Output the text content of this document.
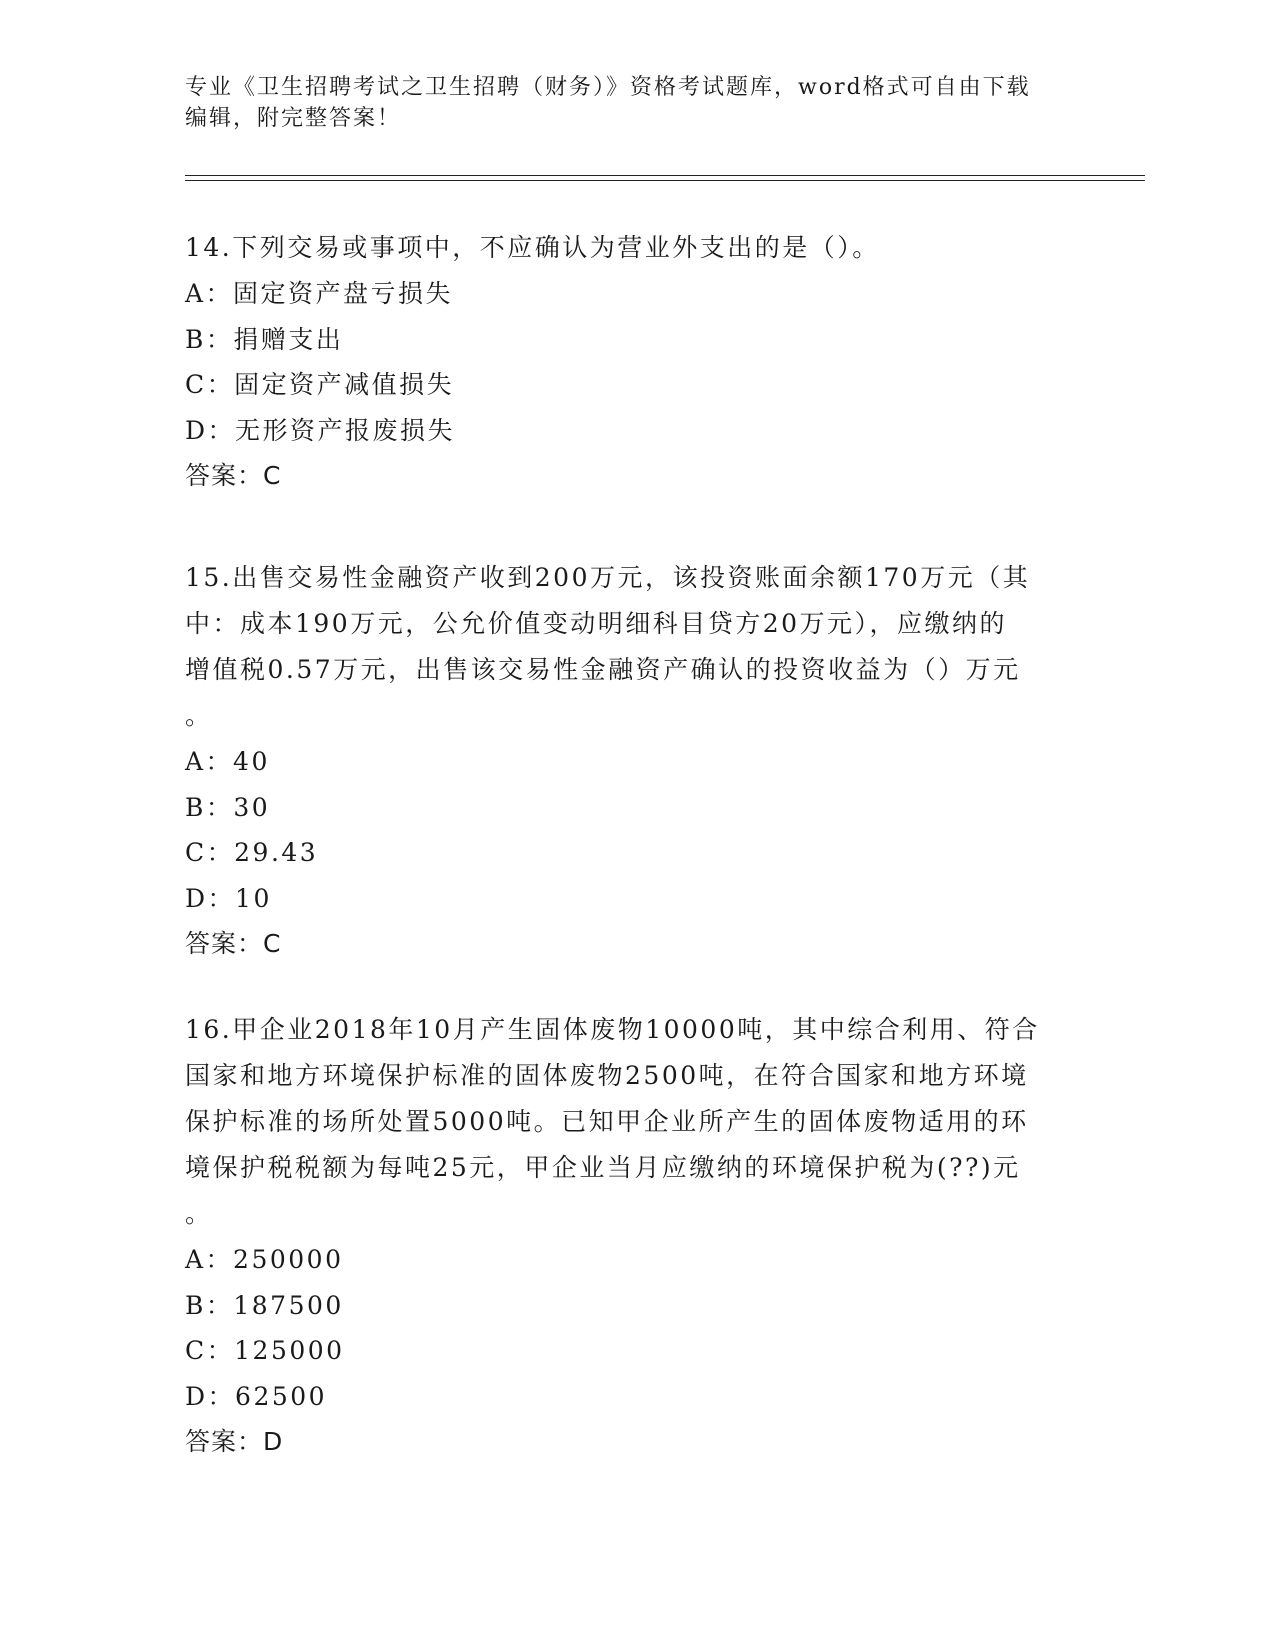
专业《卫生招聘考试之卫生招聘（财务）》资格考试题库，word格式可自由下载
编辑，附完整答案！

14.下列交易或事项中，不应确认为营业外支出的是（）。

A：固定资产盘亏损失

B：捐赠支出

C：固定资产减值损失

D：无形资产报废损失

答案：C

15.出售交易性金融资产收到200万元，该投资账面余额170万元（其

中：成本190万元，公允价值变动明细科目贷方20万元），应缴纳的

增值税0.57万元，出售该交易性金融资产确认的投资收益为（）万元

。

A：40

B：30

C：29.43

D：10

答案：C

16.甲企业2018年10月产生固体废物10000吨，其中综合利用、符合

国家和地方环境保护标准的固体废物2500吨，在符合国家和地方环境

保护标准的场所处置5000吨。已知甲企业所产生的固体废物适用的环

境保护税税额为每吨25元，甲企业当月应缴纳的环境保护税为(??)元

。

A：250000

B：187500

C：125000

D：62500

答案：D
